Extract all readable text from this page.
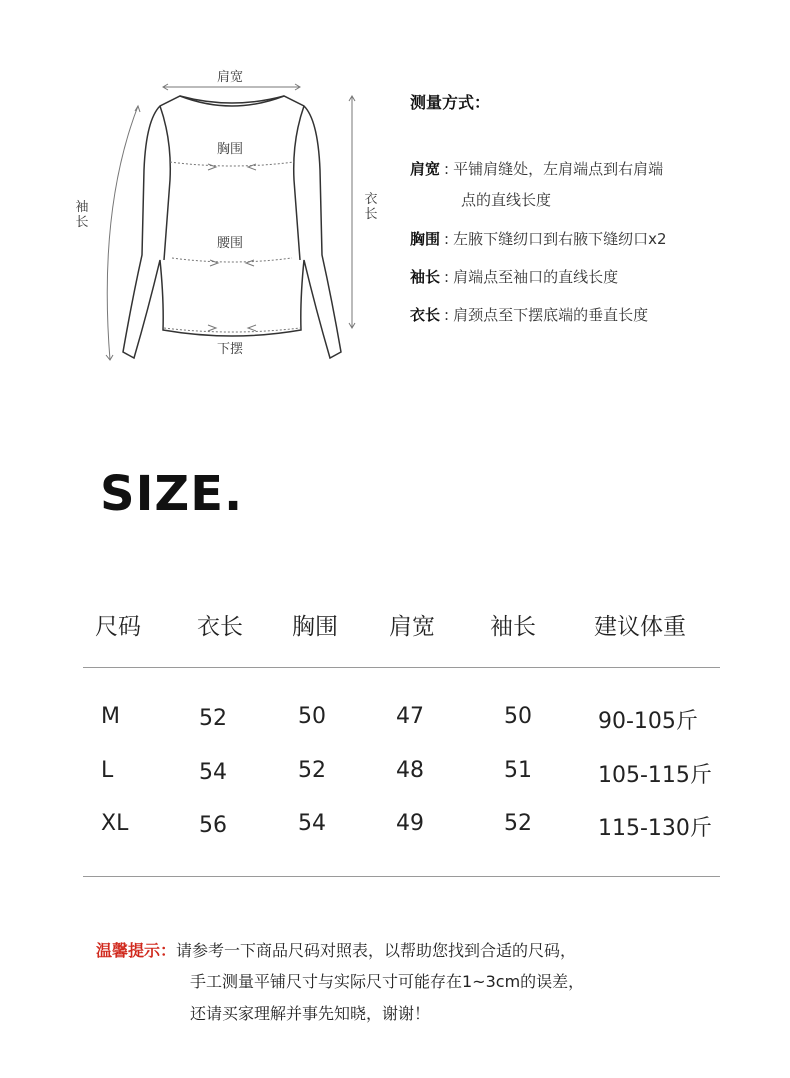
肩宽
胸围
腰围
下摆
袖长
衣长
测量方式：
肩宽 : 平铺肩缝处，左肩端点到右肩端
点的直线长度
胸围 : 左腋下缝纫口到右腋下缝纫口x2
袖长 : 肩端点至袖口的直线长度
衣长 : 肩颈点至下摆底端的垂直长度
SIZE.
尺码 衣长 胸围 肩宽 袖长	建议体重
M	52	50	47	50	90-105斤
L	54	52	48	51	105-115斤
XL	56	54	49	52	115-130斤
温馨提示：请参考一下商品尺码对照表，以帮助您找到合适的尺码，
手工测量平铺尺寸与实际尺寸可能存在1~3cm的误差，
还请买家理解并事先知晓，谢谢！
